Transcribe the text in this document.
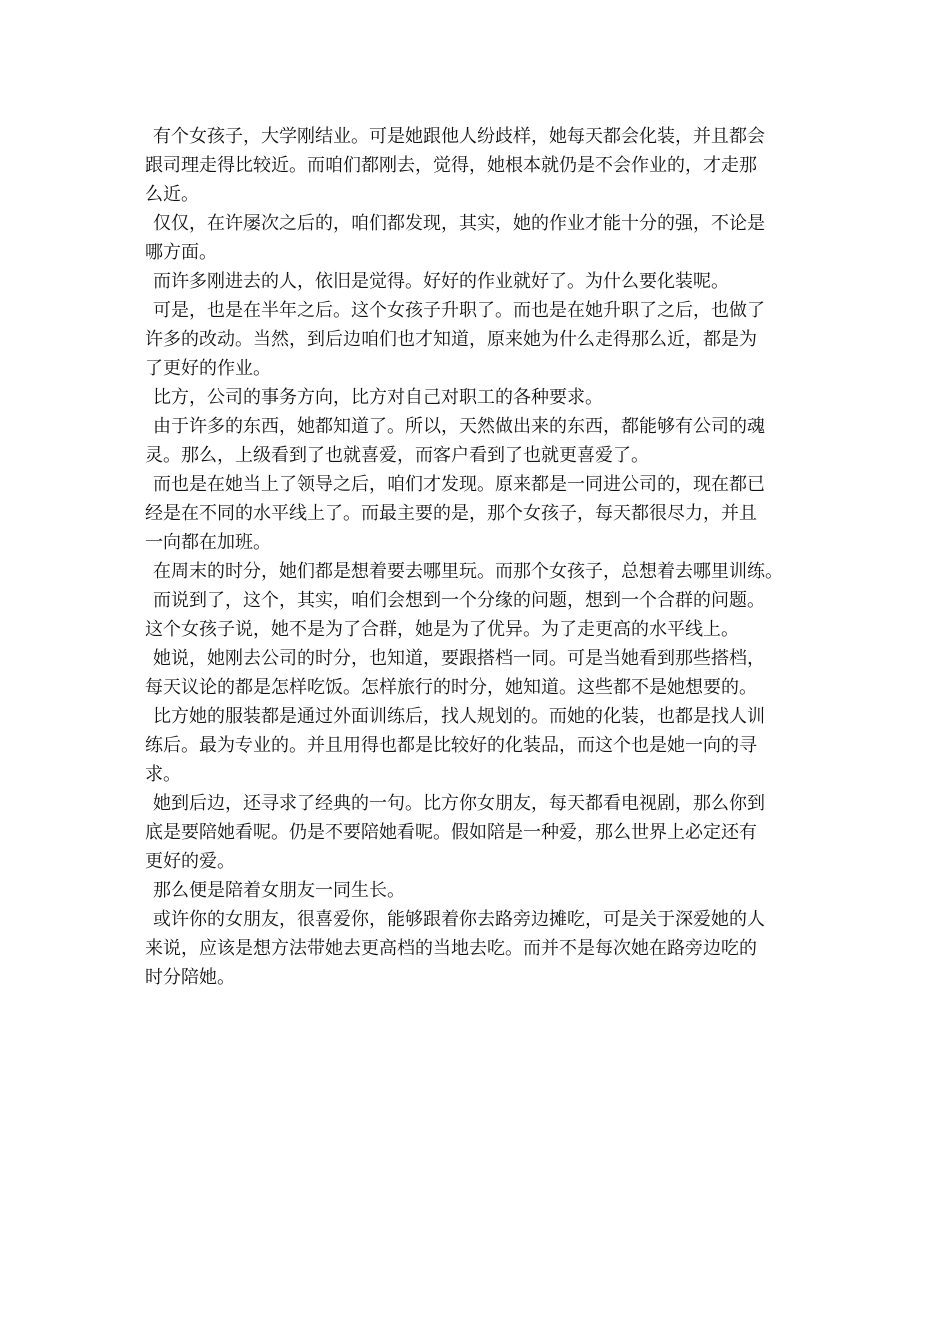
有个女孩子，大学刚结业。可是她跟他人纷歧样，她每天都会化装，并且都会
跟司理走得比较近。而咱们都刚去，觉得，她根本就仍是不会作业的，才走那
么近。
仅仅，在许屡次之后的，咱们都发现，其实，她的作业才能十分的强，不论是
哪方面。
而许多刚进去的人，依旧是觉得。好好的作业就好了。为什么要化装呢。
可是，也是在半年之后。这个女孩子升职了。而也是在她升职了之后，也做了
许多的改动。当然，到后边咱们也才知道，原来她为什么走得那么近，都是为
了更好的作业。
比方，公司的事务方向，比方对自己对职工的各种要求。
由于许多的东西，她都知道了。所以，天然做出来的东西，都能够有公司的魂
灵。那么，上级看到了也就喜爱，而客户看到了也就更喜爱了。
而也是在她当上了领导之后，咱们才发现。原来都是一同进公司的，现在都已
经是在不同的水平线上了。而最主要的是，那个女孩子，每天都很尽力，并且
一向都在加班。
在周末的时分，她们都是想着要去哪里玩。而那个女孩子，总想着去哪里训练。
而说到了，这个，其实，咱们会想到一个分缘的问题，想到一个合群的问题。
这个女孩子说，她不是为了合群，她是为了优异。为了走更高的水平线上。
她说，她刚去公司的时分，也知道，要跟搭档一同。可是当她看到那些搭档，
每天议论的都是怎样吃饭。怎样旅行的时分，她知道。这些都不是她想要的。
比方她的服装都是通过外面训练后，找人规划的。而她的化装，也都是找人训
练后。最为专业的。并且用得也都是比较好的化装品，而这个也是她一向的寻
求。
她到后边，还寻求了经典的一句。比方你女朋友，每天都看电视剧，那么你到
底是要陪她看呢。仍是不要陪她看呢。假如陪是一种爱，那么世界上必定还有
更好的爱。
那么便是陪着女朋友一同生长。
或许你的女朋友，很喜爱你，能够跟着你去路旁边摊吃，可是关于深爱她的人
来说，应该是想方法带她去更高档的当地去吃。而并不是每次她在路旁边吃的
时分陪她。
